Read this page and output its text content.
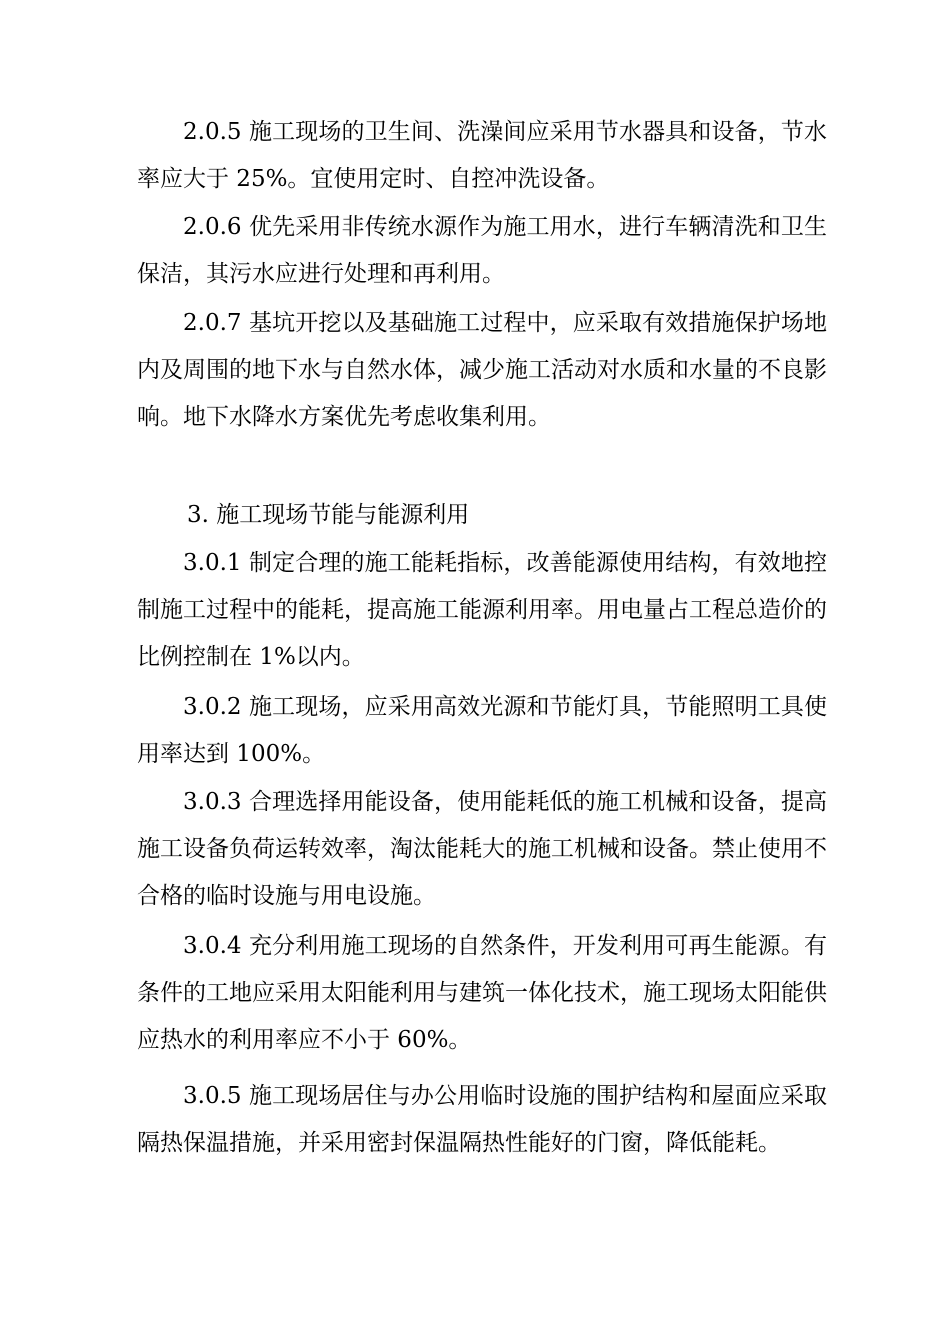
2.0.5 施工现场的卫生间、洗澡间应采用节水器具和设备，节水率应大于 25%。宜使用定时、自控冲洗设备。

2.0.6 优先采用非传统水源作为施工用水，进行车辆清洗和卫生保洁，其污水应进行处理和再利用。

2.0.7 基坑开挖以及基础施工过程中，应采取有效措施保护场地内及周围的地下水与自然水体，减少施工活动对水质和水量的不良影响。地下水降水方案优先考虑收集利用。

3. 施工现场节能与能源利用

3.0.1 制定合理的施工能耗指标，改善能源使用结构，有效地控制施工过程中的能耗，提高施工能源利用率。用电量占工程总造价的比例控制在 1%以内。

3.0.2 施工现场，应采用高效光源和节能灯具，节能照明工具使用率达到 100%。

3.0.3 合理选择用能设备，使用能耗低的施工机械和设备，提高施工设备负荷运转效率，淘汰能耗大的施工机械和设备。禁止使用不合格的临时设施与用电设施。

3.0.4 充分利用施工现场的自然条件，开发利用可再生能源。有条件的工地应采用太阳能利用与建筑一体化技术，施工现场太阳能供应热水的利用率应不小于 60%。

3.0.5 施工现场居住与办公用临时设施的围护结构和屋面应采取隔热保温措施，并采用密封保温隔热性能好的门窗，降低能耗。
